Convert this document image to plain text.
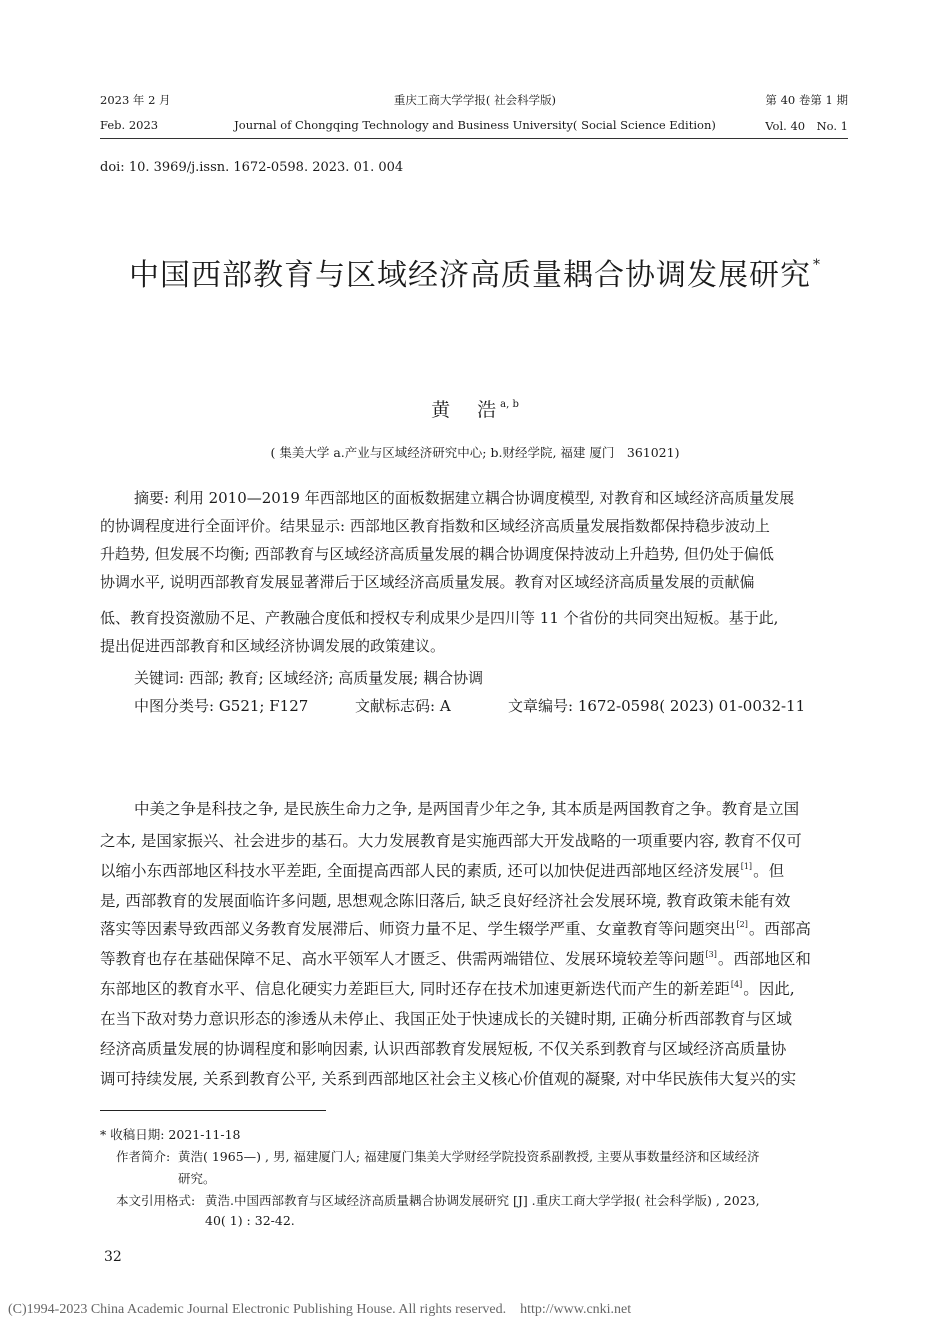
2023 年 2 月	重庆工商大学学报( 社会科学版)	第 40 卷第 1 期
Feb. 2023	Journal of Chongqing Technology and Business University( Social Science Edition)	Vol. 40　No. 1
doi: 10. 3969/j.issn. 1672-0598. 2023. 01. 004
中国西部教育与区域经济高质量耦合协调发展研究 *
黄　浩$^{a, b}$
( 集美大学 a.产业与区域经济研究中心; b.财经学院, 福建 厦门　361021)
摘要: 利用 2010—2019 年西部地区的面板数据建立耦合协调度模型, 对教育和区域经济高质量发展
的协调程度进行全面评价。结果显示: 西部地区教育指数和区域经济高质量发展指数都保持稳步波动上
升趋势, 但发展不均衡; 西部教育与区域经济高质量发展的耦合协调度保持波动上升趋势, 但仍处于偏低
协调水平, 说明西部教育发展显著滞后于区域经济高质量发展。教育对区域经济高质量发展的贡献偏
低、教育投资激励不足、产教融合度低和授权专利成果少是四川等 11 个省份的共同突出短板。基于此,
提出促进西部教育和区域经济协调发展的政策建议。
关键词: 西部; 教育; 区域经济; 高质量发展; 耦合协调
中图分类号: G521; F127	文献标志码: A	文章编号: 1672-0598( 2023) 01-0032-11
中美之争是科技之争, 是民族生命力之争, 是两国青少年之争, 其本质是两国教育之争。教育是立国
之本, 是国家振兴、社会进步的基石。大力发展教育是实施西部大开发战略的一项重要内容, 教育不仅可
以缩小东西部地区科技水平差距, 全面提高西部人民的素质, 还可以加快促进西部地区经济发展[1]。但
是, 西部教育的发展面临许多问题, 思想观念陈旧落后, 缺乏良好经济社会发展环境, 教育政策未能有效
落实等因素导致西部义务教育发展滞后、师资力量不足、学生辍学严重、女童教育等问题突出[2]。西部高
等教育也存在基础保障不足、高水平领军人才匮乏、供需两端错位、发展环境较差等问题[3]。西部地区和
东部地区的教育水平、信息化硬实力差距巨大, 同时还存在技术加速更新迭代而产生的新差距[4]。因此,
在当下敌对势力意识形态的渗透从未停止、我国正处于快速成长的关键时期, 正确分析西部教育与区域
经济高质量发展的协调程度和影响因素, 认识西部教育发展短板, 不仅关系到教育与区域经济高质量协
调可持续发展, 关系到教育公平, 关系到西部地区社会主义核心价值观的凝聚, 对中华民族伟大复兴的实
* 收稿日期: 2021-11-18
作者简介: 黄浩( 1965—) , 男, 福建厦门人; 福建厦门集美大学财经学院投资系副教授, 主要从事数量经济和区域经济
研究。
本文引用格式: 黄浩.中国西部教育与区域经济高质量耦合协调发展研究 [J] .重庆工商大学学报( 社会科学版) , 2023,
40( 1) : 32-42.
32
(C)1994-2023 China Academic Journal Electronic Publishing House. All rights reserved.　http://www.cnki.net
